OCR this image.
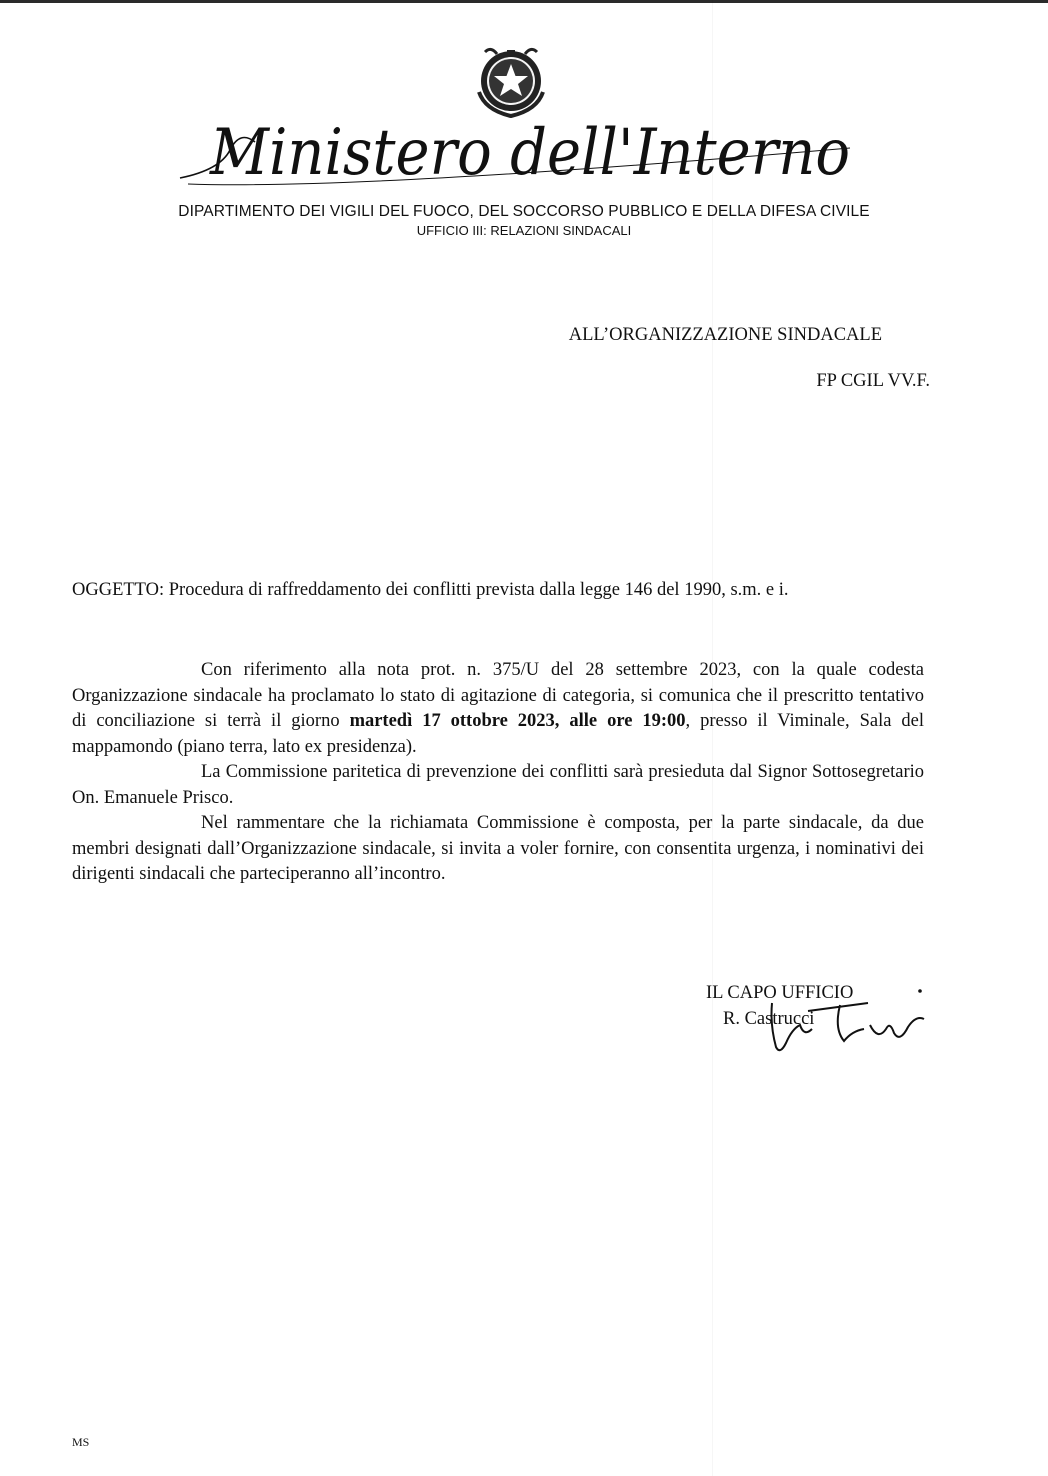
Ministero dell'Interno
DIPARTIMENTO DEI VIGILI DEL FUOCO, DEL SOCCORSO PUBBLICO E DELLA DIFESA CIVILE
UFFICIO III: RELAZIONI SINDACALI
ALL’ORGANIZZAZIONE SINDACALE
FP CGIL VV.F.
OGGETTO: Procedura di raffreddamento dei conflitti prevista dalla legge 146 del 1990, s.m. e i.

Con riferimento alla nota prot. n. 375/U del 28 settembre 2023, con la quale codesta Organizzazione sindacale ha proclamato lo stato di agitazione di categoria, si comunica che il prescritto tentativo di conciliazione si terrà il giorno martedì 17 ottobre 2023, alle ore 19:00, presso il Viminale, Sala del mappamondo (piano terra, lato ex presidenza).

La Commissione paritetica di prevenzione dei conflitti sarà presieduta dal Signor Sottosegretario On. Emanuele Prisco.

Nel rammentare che la richiamata Commissione è composta, per la parte sindacale, da due membri designati dall’Organizzazione sindacale, si invita a voler fornire, con consentita urgenza, i nominativi dei dirigenti sindacali che parteciperanno all’incontro.

IL CAPO UFFICIO
R. Castrucci
MS
